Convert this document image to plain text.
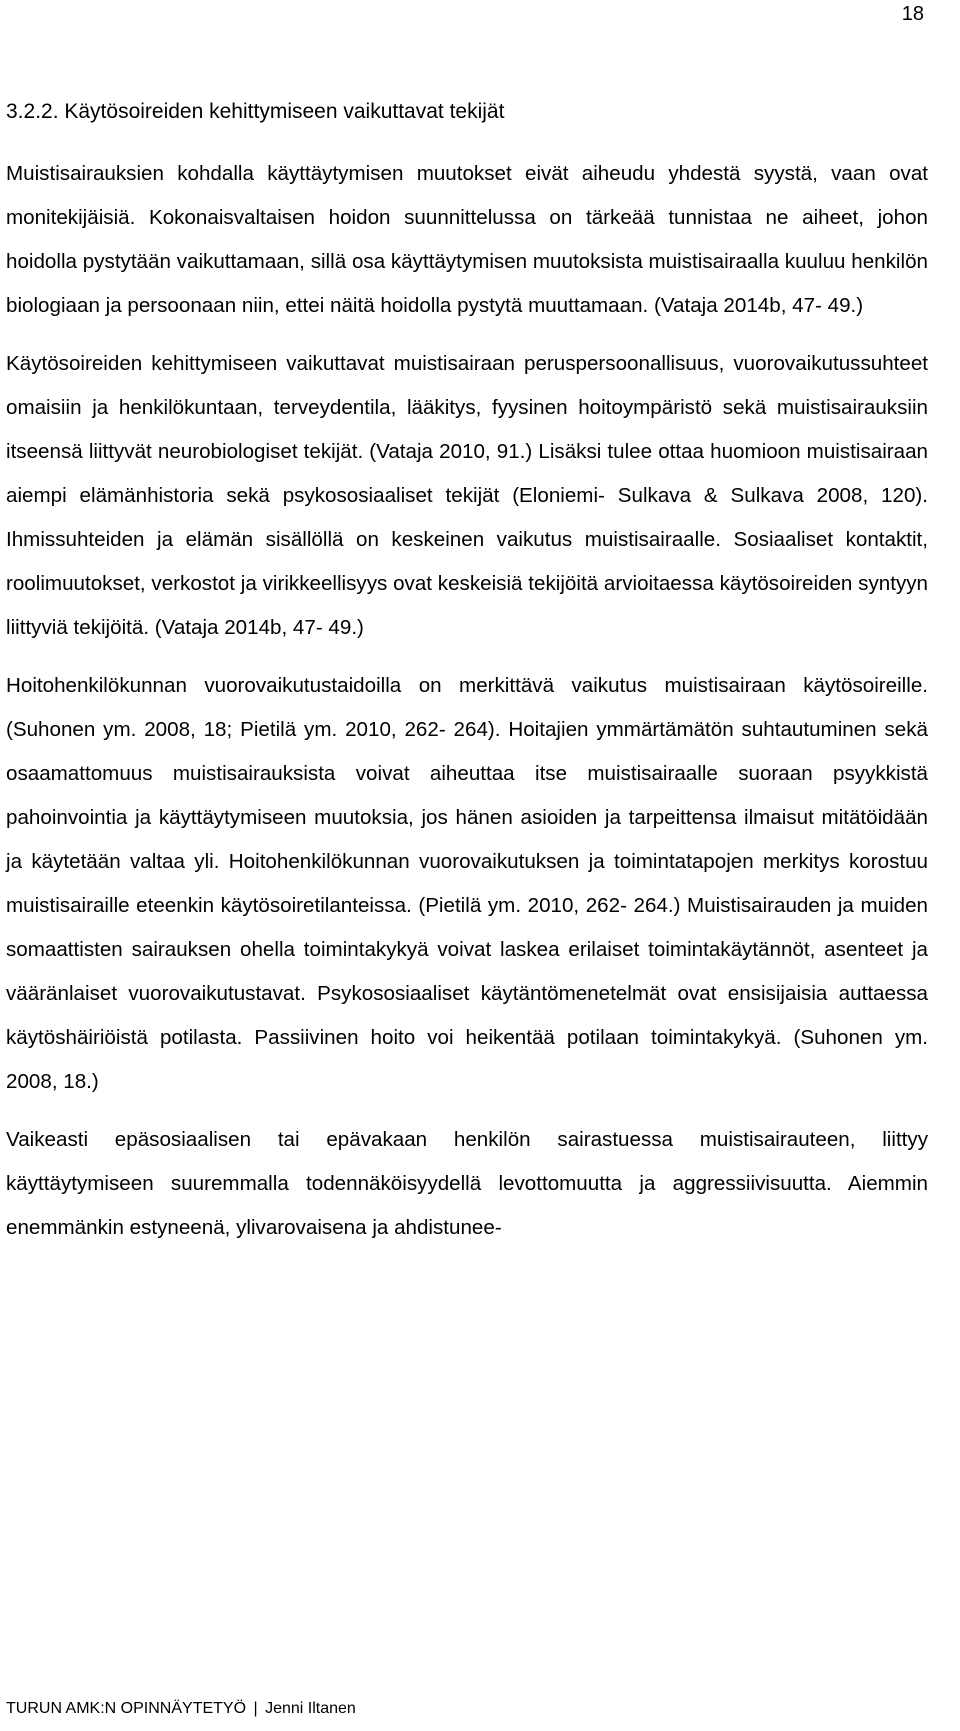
18
3.2.2. Käytösoireiden kehittymiseen vaikuttavat tekijät

Muistisairauksien kohdalla käyttäytymisen muutokset eivät aiheudu yhdestä syystä, vaan ovat monitekijäisiä. Kokonaisvaltaisen hoidon suunnittelussa on tärkeää tunnistaa ne aiheet, johon hoidolla pystytään vaikuttamaan, sillä osa käyttäytymisen muutoksista muistisairaalla kuuluu henkilön biologiaan ja persoonaan niin, ettei näitä hoidolla pystytä muuttamaan. (Vataja 2014b, 47- 49.)

Käytösoireiden kehittymiseen vaikuttavat muistisairaan peruspersoonallisuus, vuorovaikutussuhteet omaisiin ja henkilökuntaan, terveydentila, lääkitys, fyysinen hoitoympäristö sekä muistisairauksiin itseensä liittyvät neurobiologiset tekijät. (Vataja 2010, 91.) Lisäksi tulee ottaa huomioon muistisairaan aiempi elämänhistoria sekä psykososiaaliset tekijät (Eloniemi- Sulkava & Sulkava 2008, 120). Ihmissuhteiden ja elämän sisällöllä on keskeinen vaikutus muistisairaalle. Sosiaaliset kontaktit, roolimuutokset, verkostot ja virikkeellisyys ovat keskeisiä tekijöitä arvioitaessa käytösoireiden syntyyn liittyviä tekijöitä. (Vataja 2014b, 47- 49.)

Hoitohenkilökunnan vuorovaikutustaidoilla on merkittävä vaikutus muistisairaan käytösoireille. (Suhonen ym. 2008, 18; Pietilä ym. 2010, 262- 264). Hoitajien ymmärtämätön suhtautuminen sekä osaamattomuus muistisairauksista voivat aiheuttaa itse muistisairaalle suoraan psyykkistä pahoinvointia ja käyttäytymiseen muutoksia, jos hänen asioiden ja tarpeittensa ilmaisut mitätöidään ja käytetään valtaa yli. Hoitohenkilökunnan vuorovaikutuksen ja toimintatapojen merkitys korostuu muistisairaille eteenkin käytösoiretilanteissa. (Pietilä ym. 2010, 262- 264.) Muistisairauden ja muiden somaattisten sairauksen ohella toimintakykyä voivat laskea erilaiset toimintakäytännöt, asenteet ja vääränlaiset vuorovaikutustavat. Psykososiaaliset käytäntömenetelmät ovat ensisijaisia auttaessa käytöshäiriöistä potilasta. Passiivinen hoito voi heikentää potilaan toimintakykyä. (Suhonen ym. 2008, 18.)

Vaikeasti epäsosiaalisen tai epävakaan henkilön sairastuessa muistisairauteen, liittyy käyttäytymiseen suuremmalla todennäköisyydellä levottomuutta ja aggressiivisuutta. Aiemmin enemmänkin estyneenä, ylivarovaisena ja ahdistunee-

TURUN AMK:N OPINNÄYTETYÖ | Jenni Iltanen
